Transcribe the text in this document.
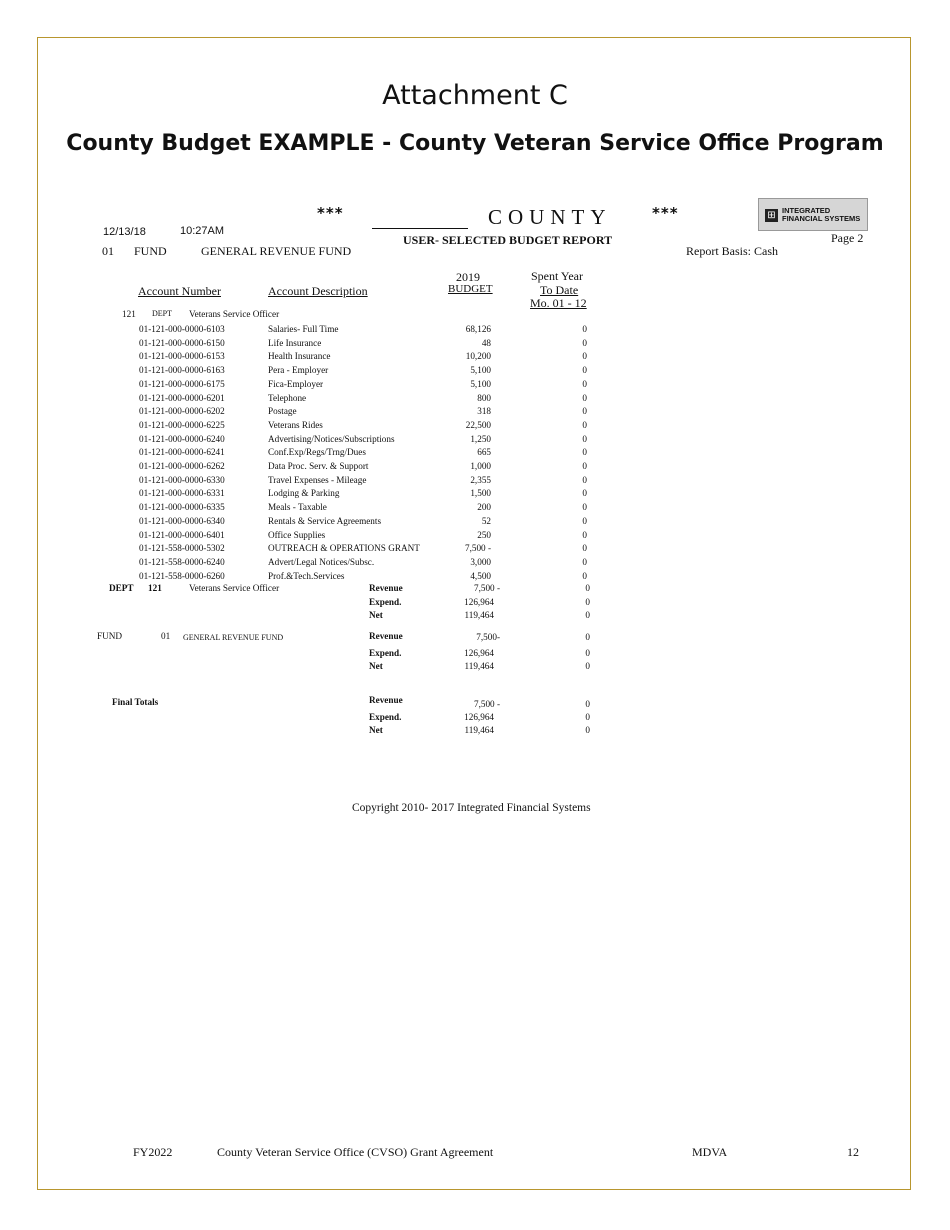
Attachment C
County Budget EXAMPLE - County Veteran Service Office Program
***	COUNTY	***	⊞ INTEGRATED
FINANCIAL SYSTEMS
12/13/18	10:27AM
USER- SELECTED BUDGET REPORT	Page 2
01 FUND	GENERAL REVENUE FUND	Report Basis: Cash
Account Number	Account Description
2019
BUDGET
Spent Year
To Date
Mo. 01 - 12
121 DEPT Veterans Service Officer
01-121-000-0000-6103	Salaries- Full Time	68,126	0
01-121-000-0000-6150	Life Insurance	48	0
01-121-000-0000-6153	Health Insurance	10,200	0
01-121-000-0000-6163	Pera - Employer	5,100	0
01-121-000-0000-6175	Fica-Employer	5,100	0
01-121-000-0000-6201	Telephone	800	0
01-121-000-0000-6202	Postage	318	0
01-121-000-0000-6225	Veterans Rides	22,500	0
01-121-000-0000-6240	Advertising/Notices/Subscriptions	1,250	0
01-121-000-0000-6241	Conf.Exp/Regs/Trng/Dues	665	0
01-121-000-0000-6262	Data Proc. Serv. & Support	1,000	0
01-121-000-0000-6330	Travel Expenses - Mileage	2,355	0
01-121-000-0000-6331	Lodging & Parking	1,500	0
01-121-000-0000-6335	Meals - Taxable	200	0
01-121-000-0000-6340	Rentals & Service Agreements	52	0
01-121-000-0000-6401	Office Supplies	250	0
01-121-558-0000-5302	OUTREACH & OPERATIONS GRANT	7,500 -	0
01-121-558-0000-6240	Advert/Legal Notices/Subsc.	3,000	0
01-121-558-0000-6260	Prof.&Tech.Services	4,500	0
DEPT 121	Veterans Service Officer	Revenue	7,500 -	0
Expend.	126,964	0
Net	119,464	0
FUND	01 GENERAL REVENUE FUND	Revenue	7,500-	0
Expend.	126,964	0
Net	119,464	0
Final Totals	Revenue	7,500 -	0
Expend.	126,964	0
Net	119,464	0
Copyright 2010- 2017 Integrated Financial Systems
FY2022	County Veteran Service Office (CVSO) Grant Agreement	MDVA	12
